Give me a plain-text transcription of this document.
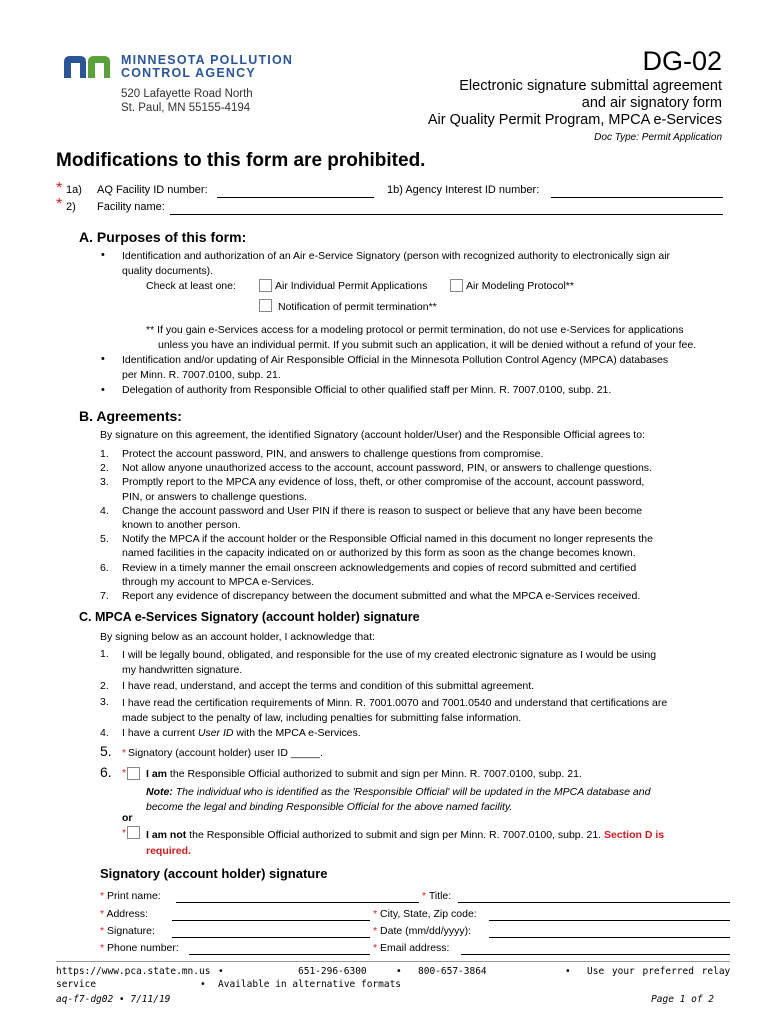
MINNESOTA POLLUTION
CONTROL AGENCY
520 Lafayette Road North
St. Paul, MN 55155-4194
DG-02
Electronic signature submittal agreement
and air signatory form
Air Quality Permit Program, MPCA e-Services
Doc Type: Permit Application
Modifications to this form are prohibited.
* 1a) AQ Facility ID number:	1b) Agency Interest ID number:
* 2) Facility name:
A. Purposes of this form:
• Identification and authorization of an Air e-Service Signatory (person with recognized authority to electronically sign air
quality documents).
Check at least one:	Air Individual Permit Applications	Air Modeling Protocol**
Notification of permit termination**
** If you gain e-Services access for a modeling protocol or permit termination, do not use e-Services for applications
unless you have an individual permit. If you submit such an application, it will be denied without a refund of your fee.
• Identification and/or updating of Air Responsible Official in the Minnesota Pollution Control Agency (MPCA) databases
per Minn. R. 7007.0100, subp. 21.
• Delegation of authority from Responsible Official to other qualified staff per Minn. R. 7007.0100, subp. 21.
B. Agreements:
By signature on this agreement, the identified Signatory (account holder/User) and the Responsible Official agrees to:
1. Protect the account password, PIN, and answers to challenge questions from compromise.
2. Not allow anyone unauthorized access to the account, account password, PIN, or answers to challenge questions.
3. Promptly report to the MPCA any evidence of loss, theft, or other compromise of the account, account password,
PIN, or answers to challenge questions.
4. Change the account password and User PIN if there is reason to suspect or believe that any have been become
known to another person.
5. Notify the MPCA if the account holder or the Responsible Official named in this document no longer represents the
named facilities in the capacity indicated on or authorized by this form as soon as the change becomes known.
6. Review in a timely manner the email onscreen acknowledgements and copies of record submitted and certified
through my account to MPCA e-Services.
7. Report any evidence of discrepancy between the document submitted and what the MPCA e-Services received.
C. MPCA e-Services Signatory (account holder) signature
By signing below as an account holder, I acknowledge that:
1. I will be legally bound, obligated, and responsible for the use of my created electronic signature as I would be using
my handwritten signature.
2. I have read, understand, and accept the terms and condition of this submittal agreement.
3. I have read the certification requirements of Minn. R. 7001.0070 and 7001.0540 and understand that certifications are
made subject to the penalty of law, including penalties for submitting false information.
4. I have a current User ID with the MPCA e-Services.
5. * Signatory (account holder) user ID _____.
6. * I am the Responsible Official authorized to submit and sign per Minn. R. 7007.0100, subp. 21.
Note: The individual who is identified as the 'Responsible Official' will be updated in the MPCA database and
become the legal and binding Responsible Official for the above named facility.
or
* I am not the Responsible Official authorized to submit and sign per Minn. R. 7007.0100, subp. 21. Section D is
required.
Signatory (account holder) signature
* Print name:	* Title:
* Address:	* City, State, Zip code:
* Signature:	* Date (mm/dd/yyyy):
* Phone number:	* Email address:
https://www.pca.state.mn.us •	651-296-6300	• 800-657-3864	• Use your preferred relay
service	• Available in alternative formats
aq-f7-dg02 • 7/11/19	Page 1 of 2
